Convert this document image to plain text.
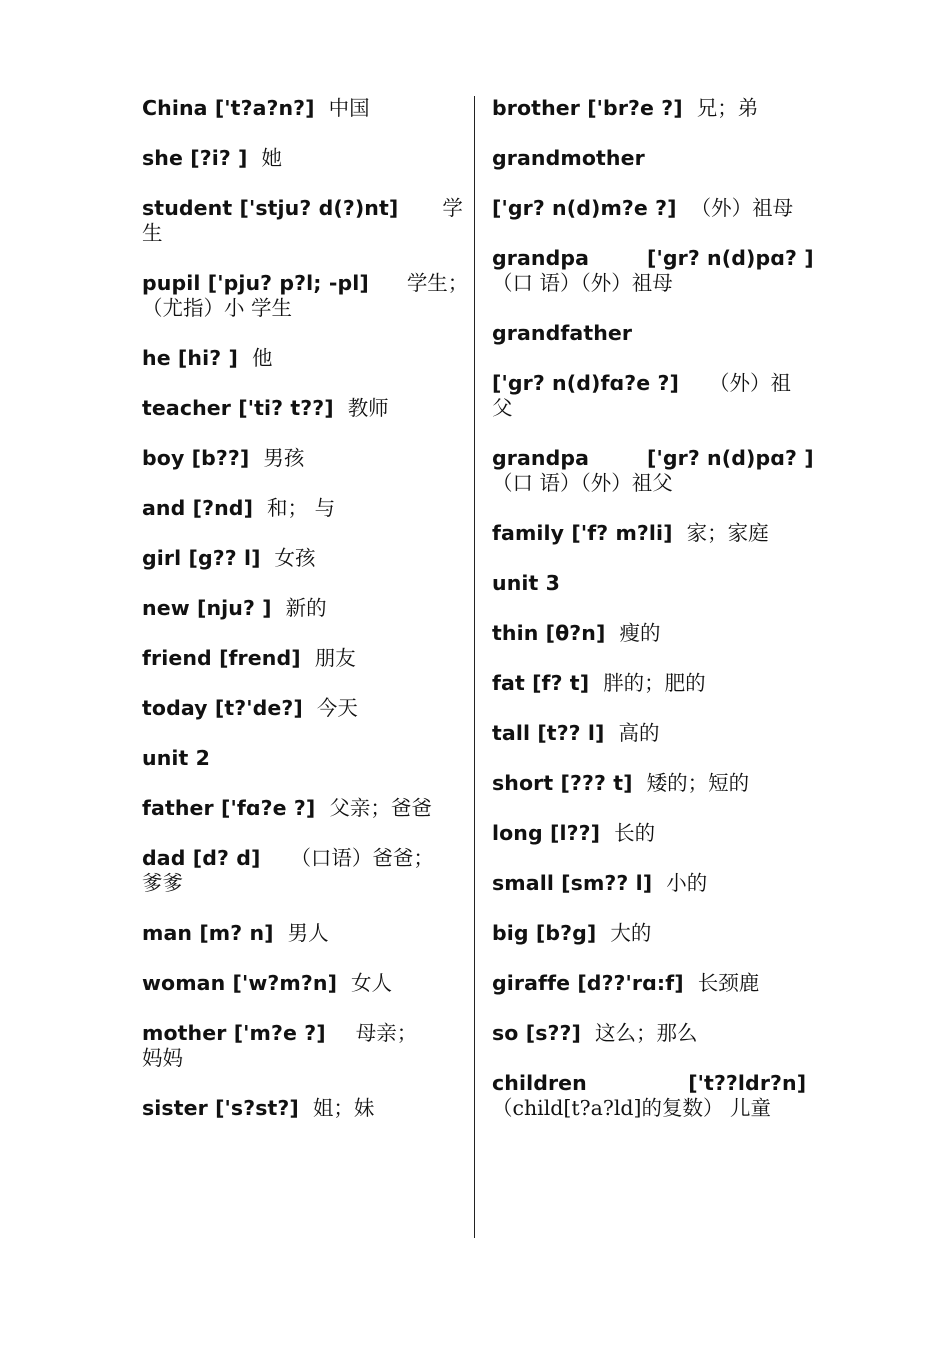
China ['t?a?n?] 中国

she [?i? ] 她

student ['stju? d(?)nt] 学

生

pupil ['pju? p?l; -pl] 学生；

（尤指）小 学生

he [hi? ] 他

teacher ['ti? t??] 教师

boy [b??] 男孩

and [?nd] 和； 与

girl [g?? l] 女孩

new [nju? ] 新的

friend [frend] 朋友

today [t?'de?] 今天

unit 2

father ['fɑ?e ?] 父亲；爸爸

dad [d? d] （口语）爸爸；

爹爹

man [m? n] 男人

woman ['w?m?n] 女人

mother ['m?e ?] 母亲；

妈妈

sister ['s?st?] 姐；妹

brother ['br?e ?] 兄；弟

grandmother

['gr? n(d)m?e ?] （外）祖母

grandpa        ['gr? n(d)pɑ? ]

（口 语）（外）祖母

grandfather

['gr? n(d)fɑ?e ?] （外）祖

父

grandpa        ['gr? n(d)pɑ? ]

（口 语）（外）祖父

family ['f? m?li] 家；家庭

unit 3

thin [θ?n] 瘦的

fat [f? t] 胖的；肥的

tall [t?? l] 高的

short [??? t] 矮的；短的

long [l??] 长的

small [sm?? l] 小的

big [b?g] 大的

giraffe [d??'rɑ:f] 长颈鹿

so [s??] 这么；那么

children              ['t??ldr?n]

（child[t?a?ld]的复数） 儿童
